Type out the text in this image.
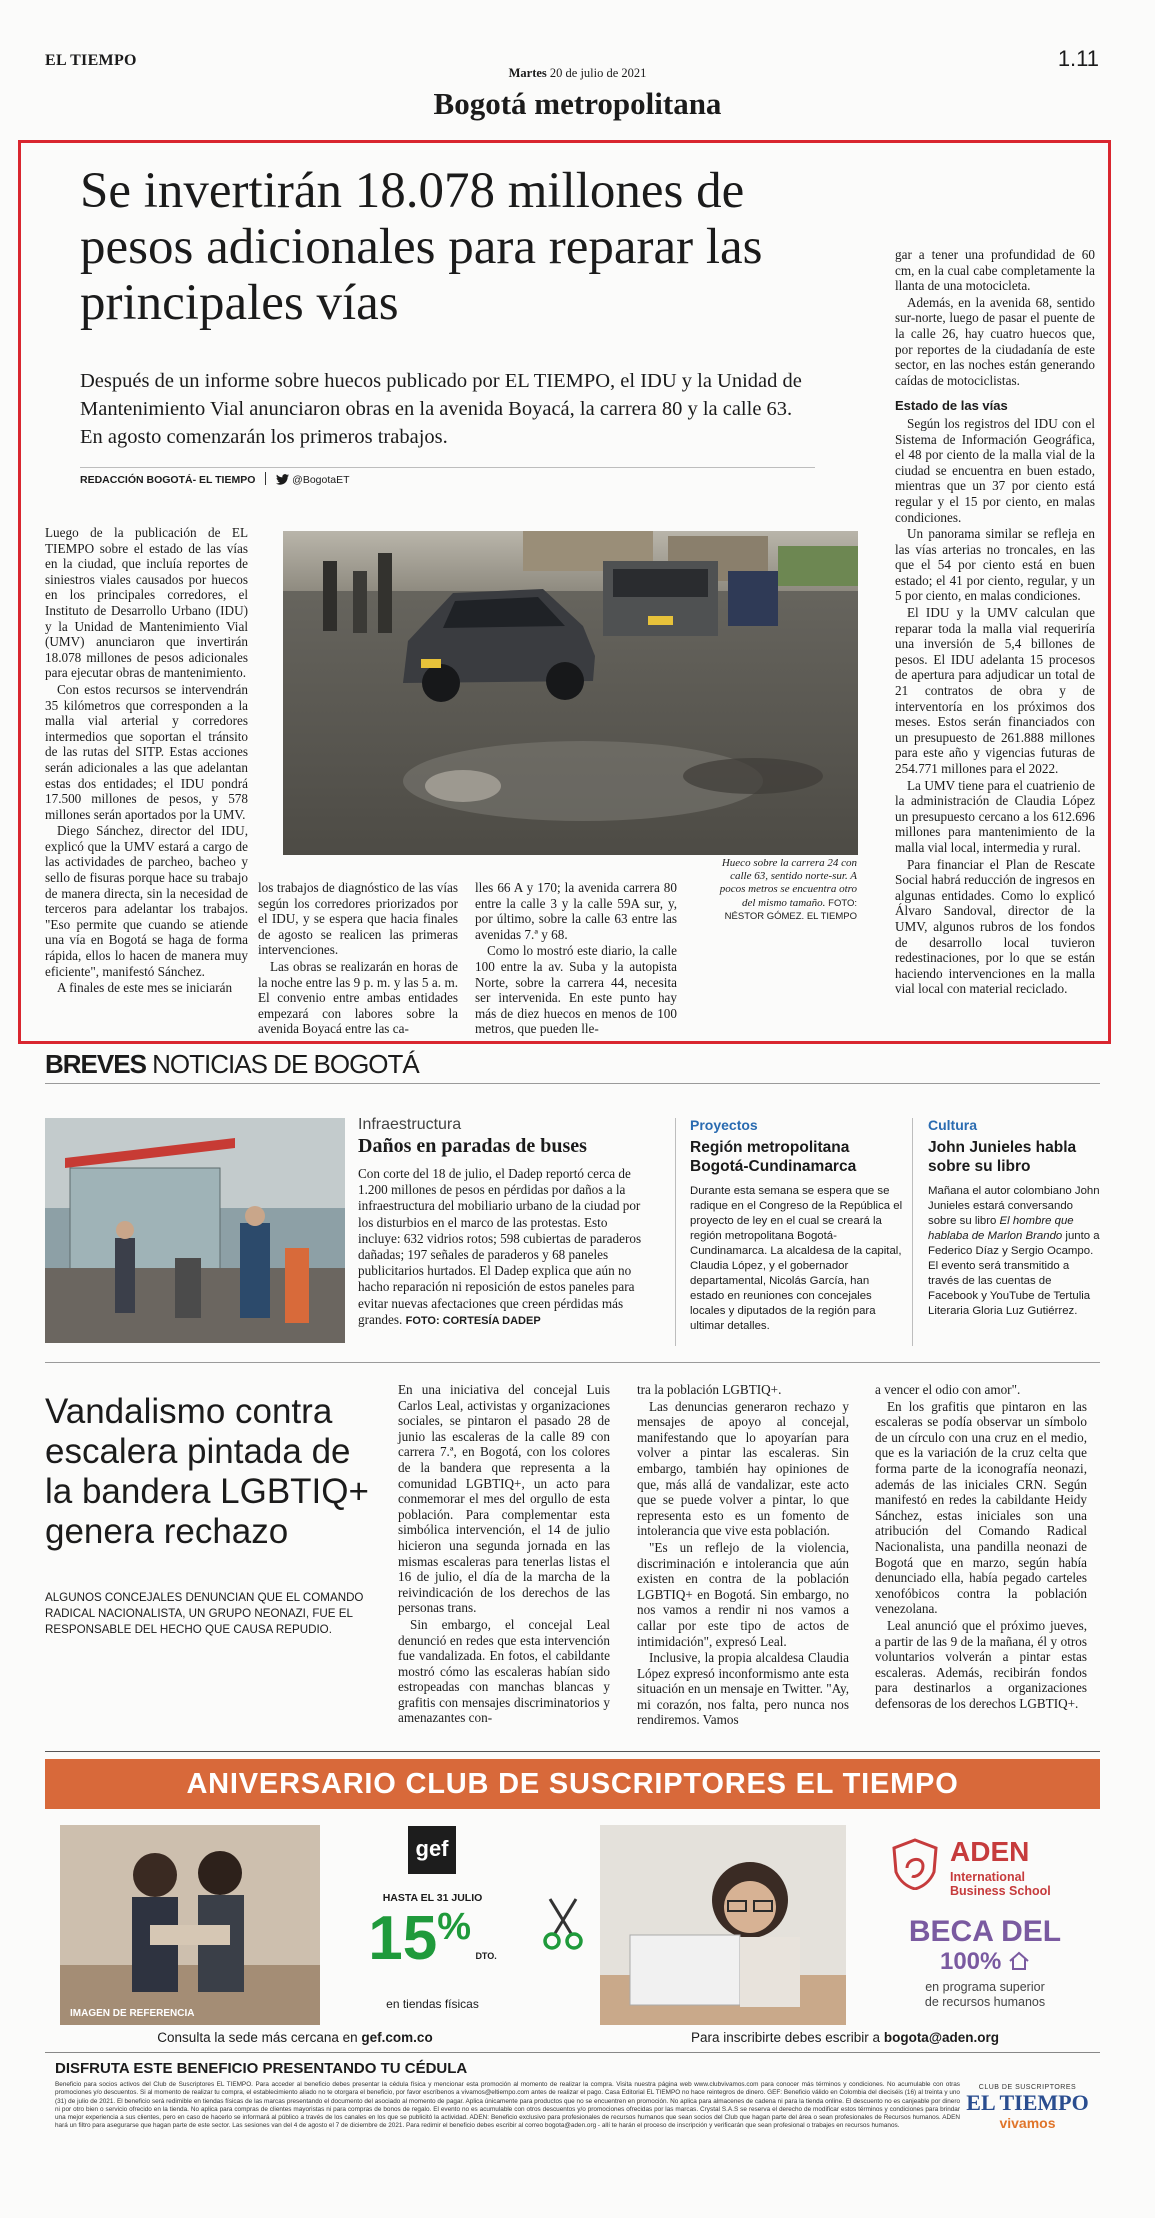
EL TIEMPO
Martes 20 de julio de 2021
1.11
Bogotá metropolitana
Se invertirán 18.078 millones de pesos adicionales para reparar las principales vías
Después de un informe sobre huecos publicado por EL TIEMPO, el IDU y la Unidad de Mantenimiento Vial anunciaron obras en la avenida Boyacá, la carrera 80 y la calle 63. En agosto comenzarán los primeros trabajos.
REDACCIÓN BOGOTÁ- EL TIEMPO	@BogotaET

Luego de la publicación de EL TIEMPO sobre el estado de las vías en la ciudad, que incluía reportes de siniestros viales causados por huecos en los principales corredores, el Instituto de Desarrollo Urbano (IDU) y la Unidad de Mantenimiento Vial (UMV) anunciaron que invertirán 18.078 millones de pesos adicionales para ejecutar obras de mantenimiento.

Con estos recursos se intervendrán 35 kilómetros que corresponden a la malla vial arterial y corredores intermedios que soportan el tránsito de las rutas del SITP. Estas acciones serán adicionales a las que adelantan estas dos entidades; el IDU pondrá 17.500 millones de pesos, y 578 millones serán aportados por la UMV.

Diego Sánchez, director del IDU, explicó que la UMV estará a cargo de las actividades de parcheo, bacheo y sello de fisuras porque hace su trabajo de manera directa, sin la necesidad de terceros para adelantar los trabajos. "Eso permite que cuando se atiende una vía en Bogotá se haga de forma rápida, ellos lo hacen de manera muy eficiente", manifestó Sánchez.

A finales de este mes se iniciarán

Hueco sobre la carrera 24 con calle 63, sentido norte-sur. A pocos metros se encuentra otro del mismo tamaño. FOTO: NÉSTOR GÓMEZ. EL TIEMPO

los trabajos de diagnóstico de las vías según los corredores priorizados por el IDU, y se espera que hacia finales de agosto se realicen las primeras intervenciones.

Las obras se realizarán en horas de la noche entre las 9 p. m. y las 5 a. m. El convenio entre ambas entidades empezará con labores sobre la avenida Boyacá entre las ca-

lles 66 A y 170; la avenida carrera 80 entre la calle 3 y la calle 59A sur, y, por último, sobre la calle 63 entre las avenidas 7.ª y 68.

Como lo mostró este diario, la calle 100 entre la av. Suba y la autopista Norte, sobre la carrera 44, necesita ser intervenida. En este punto hay más de diez huecos en menos de 100 metros, que pueden lle-

gar a tener una profundidad de 60 cm, en la cual cabe completamente la llanta de una motocicleta.

Además, en la avenida 68, sentido sur-norte, luego de pasar el puente de la calle 26, hay cuatro huecos que, por reportes de la ciudadanía de este sector, en las noches están generando caídas de motociclistas.

Estado de las vías

Según los registros del IDU con el Sistema de Información Geográfica, el 48 por ciento de la malla vial de la ciudad se encuentra en buen estado, mientras que un 37 por ciento está regular y el 15 por ciento, en malas condiciones.

Un panorama similar se refleja en las vías arterias no troncales, en las que el 54 por ciento está en buen estado; el 41 por ciento, regular, y un 5 por ciento, en malas condiciones.

El IDU y la UMV calculan que reparar toda la malla vial requeriría una inversión de 5,4 billones de pesos. El IDU adelanta 15 procesos de apertura para adjudicar un total de 21 contratos de obra y de interventoría en los próximos dos meses. Estos serán financiados con un presupuesto de 261.888 millones para este año y vigencias futuras de 254.771 millones para el 2022.

La UMV tiene para el cuatrienio de la administración de Claudia López un presupuesto cercano a los 612.696 millones para mantenimiento de la malla vial local, intermedia y rural.

Para financiar el Plan de Rescate Social habrá reducción de ingresos en algunas entidades. Como lo explicó Álvaro Sandoval, director de la UMV, algunos rubros de los fondos de desarrollo local tuvieron redestinaciones, por lo que se están haciendo intervenciones en la malla vial local con material reciclado.

BREVES NOTICIAS DE BOGOTÁ
Infraestructura
Daños en paradas de buses
Con corte del 18 de julio, el Dadep reportó cerca de 1.200 millones de pesos en pérdidas por daños a la infraestructura del mobiliario urbano de la ciudad por los disturbios en el marco de las protestas. Esto incluye: 632 vidrios rotos; 598 cubiertas de paraderos dañadas; 197 señales de paraderos y 68 paneles publicitarios hurtados. El Dadep explica que aún no hacho reparación ni reposición de estos paneles para evitar nuevas afectaciones que creen pérdidas más grandes. FOTO: CORTESÍA DADEP
Proyectos
Región metropolitana Bogotá-Cundinamarca
Durante esta semana se espera que se radique en el Congreso de la República el proyecto de ley en el cual se creará la región metropolitana Bogotá-Cundinamarca. La alcaldesa de la capital, Claudia López, y el gobernador departamental, Nicolás García, han estado en reuniones con concejales locales y diputados de la región para ultimar detalles.
Cultura
John Junieles habla sobre su libro
Mañana el autor colombiano John Junieles estará conversando sobre su libro El hombre que hablaba de Marlon Brando junto a Federico Díaz y Sergio Ocampo. El evento será transmitido a través de las cuentas de Facebook y YouTube de Tertulia Literaria Gloria Luz Gutiérrez.
Vandalismo contra escalera pintada de la bandera LGBTIQ+ genera rechazo
ALGUNOS CONCEJALES DENUNCIAN QUE EL COMANDO RADICAL NACIONALISTA, UN GRUPO NEONAZI, FUE EL RESPONSABLE DEL HECHO QUE CAUSA REPUDIO.

En una iniciativa del concejal Luis Carlos Leal, activistas y organizaciones sociales, se pintaron el pasado 28 de junio las escaleras de la calle 89 con carrera 7.ª, en Bogotá, con los colores de la bandera que representa a la comunidad LGBTIQ+, un acto para conmemorar el mes del orgullo de esta población. Para complementar esta simbólica intervención, el 14 de julio hicieron una segunda jornada en las mismas escaleras para tenerlas listas el 16 de julio, el día de la marcha de la reivindicación de los derechos de las personas trans.

Sin embargo, el concejal Leal denunció en redes que esta intervención fue vandalizada. En fotos, el cabildante mostró cómo las escaleras habían sido estropeadas con manchas blancas y grafitis con mensajes discriminatorios y amenazantes con-

tra la población LGBTIQ+.

Las denuncias generaron rechazo y mensajes de apoyo al concejal, manifestando que lo apoyarían para volver a pintar las escaleras. Sin embargo, también hay opiniones de que, más allá de vandalizar, este acto que se puede volver a pintar, lo que representa esto es un fomento de intolerancia que vive esta población.

"Es un reflejo de la violencia, discriminación e intolerancia que aún existen en contra de la población LGBTIQ+ en Bogotá. Sin embargo, no nos vamos a rendir ni nos vamos a callar por este tipo de actos de intimidación", expresó Leal.

Inclusive, la propia alcaldesa Claudia López expresó inconformismo ante esta situación en un mensaje en Twitter. "Ay, mi corazón, nos falta, pero nunca nos rendiremos. Vamos

a vencer el odio con amor".

En los grafitis que pintaron en las escaleras se podía observar un símbolo de un círculo con una cruz en el medio, que es la variación de la cruz celta que forma parte de la iconografía neonazi, además de las iniciales CRN. Según manifestó en redes la cabildante Heidy Sánchez, estas iniciales son una atribución del Comando Radical Nacionalista, una pandilla neonazi de Bogotá que en marzo, según había denunciado ella, había pegado carteles xenofóbicos contra la población venezolana.

Leal anunció que el próximo jueves, a partir de las 9 de la mañana, él y otros voluntarios volverán a pintar estas escaleras. Además, recibirán fondos para destinarlos a organizaciones defensoras de los derechos LGBTIQ+.

ANIVERSARIO CLUB DE SUSCRIPTORES EL TIEMPO
IMAGEN DE REFERENCIA
gef
HASTA EL 31 JULIO
15% DTO.
en tiendas físicas
Consulta la sede más cercana en gef.com.co
ADEN
International
Business School
BECA DEL
100%
en programa superior
de recursos humanos
Para inscribirte debes escribir a bogota@aden.org
DISFRUTA ESTE BENEFICIO PRESENTANDO TU CÉDULA
Beneficio para socios activos del Club de Suscriptores EL TIEMPO. Para acceder al beneficio debes presentar la cédula física y mencionar esta promoción al momento de realizar la compra. Visita nuestra página web www.clubvivamos.com para conocer más términos y condiciones. No acumulable con otras promociones y/o descuentos. Si al momento de realizar tu compra, el establecimiento aliado no te otorgara el beneficio, por favor escríbenos a vivamos@eltiempo.com antes de realizar el pago. Casa Editorial EL TIEMPO no hace reintegros de dinero. GEF: Beneficio válido en Colombia del dieciséis (16) al treinta y uno (31) de julio de 2021. El beneficio será redimible en tiendas físicas de las marcas presentando el documento del asociado al momento de pagar. Aplica únicamente para productos que no se encuentren en promoción. No aplica para almacenes de cadena ni para la tienda online. El descuento no es canjeable por dinero ni por otro bien o servicio ofrecido en la tienda. No aplica para compras de clientes mayoristas ni para compras de bonos de regalo. El evento no es acumulable con otros descuentos y/o promociones ofrecidas por las marcas. Crystal S.A.S se reserva el derecho de modificar estos términos y condiciones para brindar una mejor experiencia a sus clientes, pero en caso de hacerlo se informará al público a través de los canales en los que se publicitó la actividad. ADEN: Beneficio exclusivo para profesionales de recursos humanos que sean socios del Club que hagan parte del área o sean profesionales de Recursos humanos. ADEN hará un filtro para asegurarse que hagan parte de este sector. Las sesiones van del 4 de agosto el 7 de diciembre de 2021. Para redimir el beneficio debes escribir al correo bogota@aden.org - allí te harán el proceso de inscripción y verificarán que sean profesional o trabajes en recursos humanos.
CLUB DE SUSCRIPTORES
EL TIEMPO
vivamos
